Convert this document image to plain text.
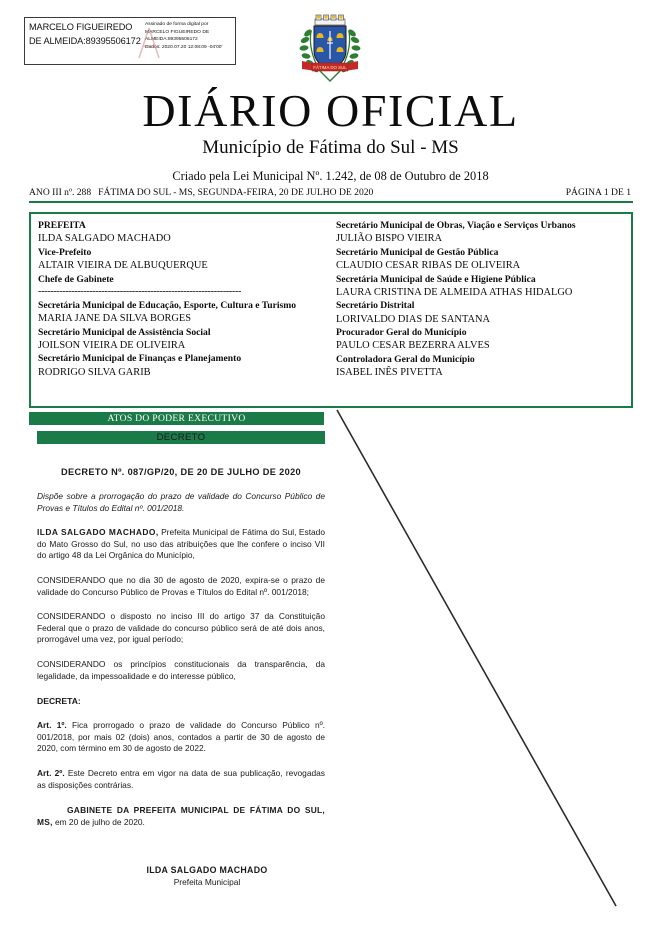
MARCELO FIGUEIREDO DE ALMEIDA:89395506172
Assinado de forma digital por
MARCELO FIGUEIREDO DE
ALMEIDA:89395506172
Dados: 2020.07.20 12:08:09 -04'00'
FÁTIMA DO SUL
DIÁRIO OFICIAL
Município de Fátima do Sul - MS
Criado pela Lei Municipal Nº. 1.242, de 08 de Outubro de 2018
ANO III nº. 288 FÁTIMA DO SUL - MS, SEGUNDA-FEIRA, 20 DE JULHO DE 2020	PÁGINA 1 DE 1
PREFEITA
ILDA SALGADO MACHADO
Vice-Prefeito
ALTAIR VIEIRA DE ALBUQUERQUE
Chefe de Gabinete
-------------------------------------------------------------------
Secretária Municipal de Educação, Esporte, Cultura e Turismo
MARIA JANE DA SILVA BORGES
Secretário Municipal de Assistência Social
JOILSON VIEIRA DE OLIVEIRA
Secretário Municipal de Finanças e Planejamento
RODRIGO SILVA GARIB
Secretário Municipal de Obras, Viação e Serviços Urbanos
JULIÃO BISPO VIEIRA
Secretário Municipal de Gestão Pública
CLAUDIO CESAR RIBAS DE OLIVEIRA
Secretária Municipal de Saúde e Higiene Pública
LAURA CRISTINA DE ALMEIDA ATHAS HIDALGO
Secretário Distrital
LORIVALDO DIAS DE SANTANA
Procurador Geral do Município
PAULO CESAR BEZERRA ALVES
Controladora Geral do Município
ISABEL INÊS PIVETTA
ATOS DO PODER EXECUTIVO
DECRETO
DECRETO Nº. 087/GP/20, DE 20 DE JULHO DE 2020
Dispõe sobre a prorrogação do prazo de validade do Concurso Público de Provas e Títulos do Edital nº. 001/2018.
ILDA SALGADO MACHADO, Prefeita Municipal de Fátima do Sul, Estado do Mato Grosso do Sul, no uso das atribuições que lhe confere o inciso VII do artigo 48 da Lei Orgânica do Município,
CONSIDERANDO que no dia 30 de agosto de 2020, expira-se o prazo de validade do Concurso Público de Provas e Títulos do Edital nº. 001/2018;
CONSIDERANDO o disposto no inciso III do artigo 37 da Constituição Federal que o prazo de validade do concurso público será de até dois anos, prorrogável uma vez, por igual período;
CONSIDERANDO os princípios constitucionais da transparência, da legalidade, da impessoalidade e do interesse público,
DECRETA:
Art. 1º. Fica prorrogado o prazo de validade do Concurso Público nº. 001/2018, por mais 02 (dois) anos, contados a partir de 30 de agosto de 2020, com término em 30 de agosto de 2022.
Art. 2º. Este Decreto entra em vigor na data de sua publicação, revogadas as disposições contrárias.
GABINETE DA PREFEITA MUNICIPAL DE FÁTIMA DO SUL, MS, em 20 de julho de 2020.
ILDA SALGADO MACHADO
Prefeita Municipal
